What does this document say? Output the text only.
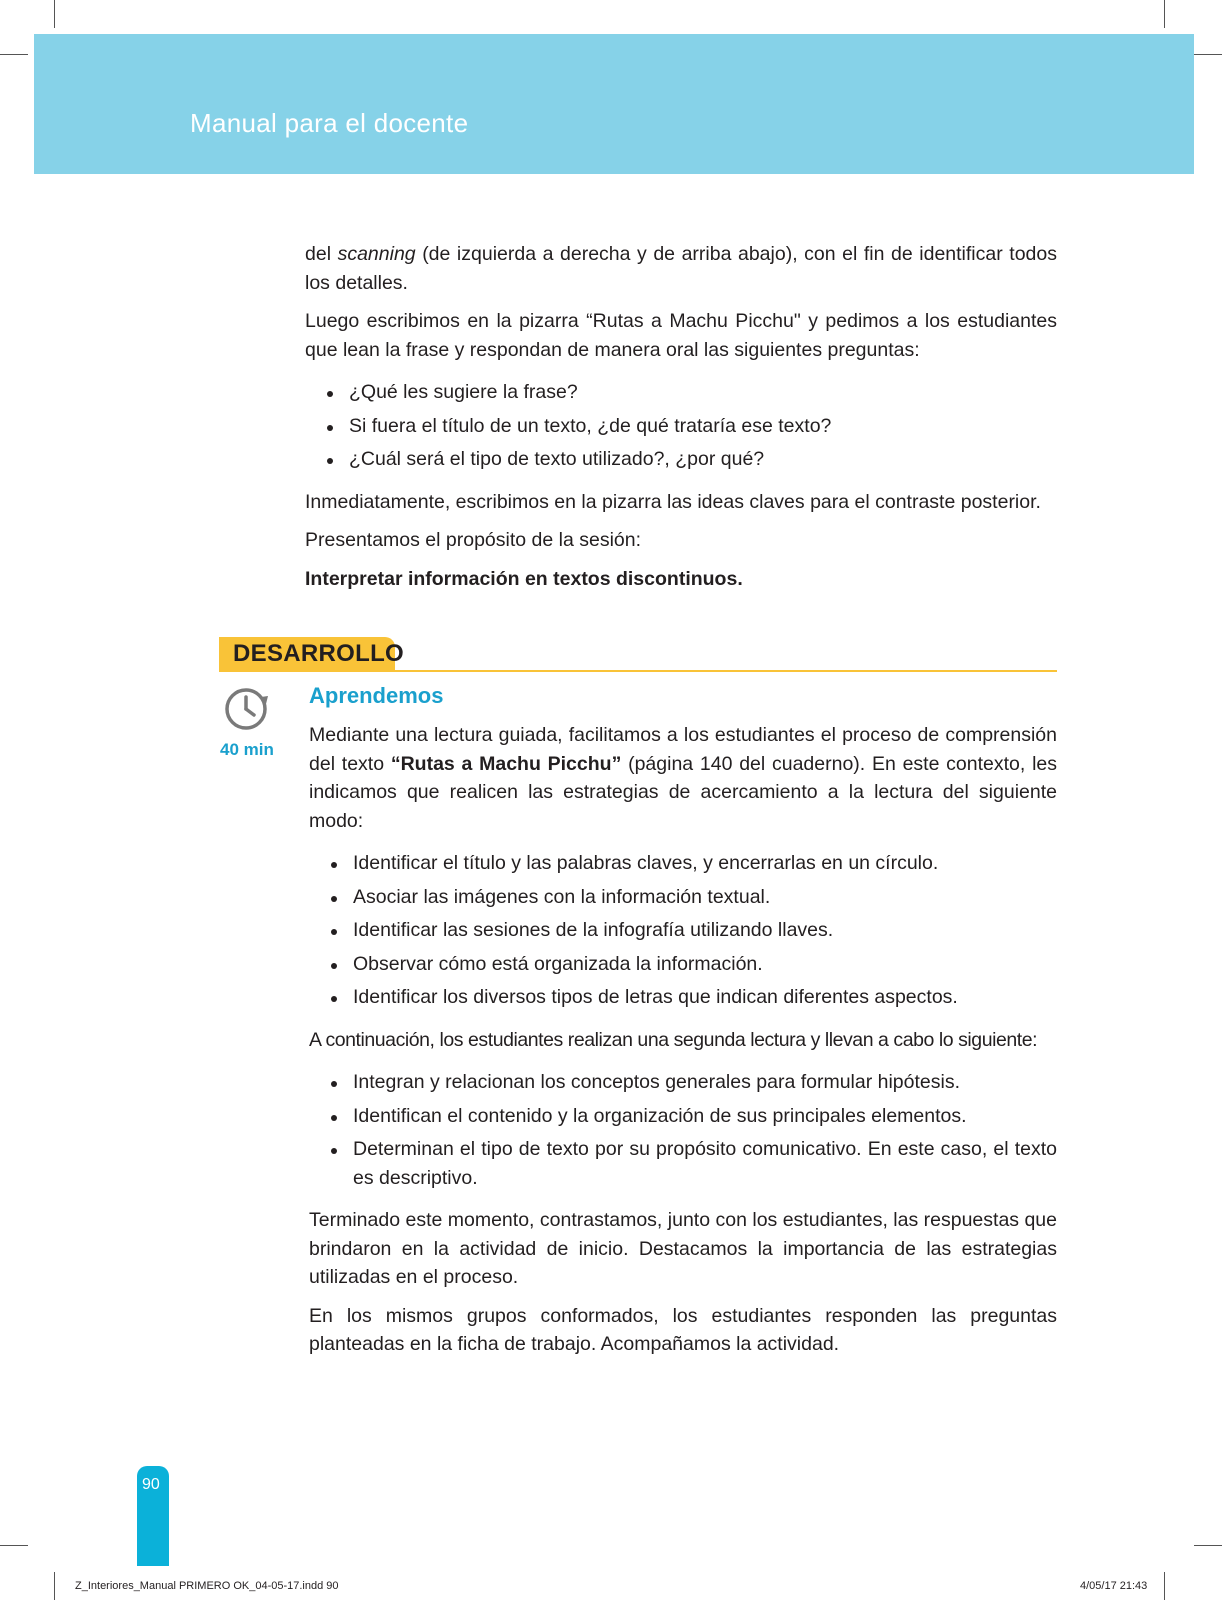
Manual para el docente

del scanning (de izquierda a derecha y de arriba abajo), con el fin de identificar todos los detalles.

Luego escribimos en la pizarra “Rutas a Machu Picchu" y pedimos a los estudiantes que lean la frase y respondan de manera oral las siguientes preguntas:

¿Qué les sugiere la frase?
Si fuera el título de un texto, ¿de qué trataría ese texto?
¿Cuál será el tipo de texto utilizado?, ¿por qué?

Inmediatamente, escribimos en la pizarra las ideas claves para el contraste posterior.

Presentamos el propósito de la sesión:

Interpretar información en textos discontinuos.

DESARROLLO
40 min
Aprendemos

Mediante una lectura guiada, facilitamos a los estudiantes el proceso de comprensión del texto “Rutas a Machu Picchu” (página 140 del cuaderno). En este contexto, les indicamos que realicen las estrategias de acercamiento a la lectura del siguiente modo:

Identificar el título y las palabras claves, y encerrarlas en un círculo.
Asociar las imágenes con la información textual.
Identificar las sesiones de la infografía utilizando llaves.
Observar cómo está organizada la información.
Identificar los diversos tipos de letras que indican diferentes aspectos.

A continuación, los estudiantes realizan una segunda lectura y llevan a cabo lo siguiente:

Integran y relacionan los conceptos generales para formular hipótesis.
Identifican el contenido y la organización de sus principales elementos.
Determinan el tipo de texto por su propósito comunicativo. En este caso, el texto es descriptivo.

Terminado este momento, contrastamos, junto con los estudiantes, las respuestas que brindaron en la actividad de inicio. Destacamos la importancia de las estrategias utilizadas en el proceso.

En los mismos grupos conformados, los estudiantes responden las preguntas planteadas en la ficha de trabajo. Acompañamos la actividad.

90
Z_Interiores_Manual PRIMERO OK_04-05-17.indd 90	4/05/17 21:43
